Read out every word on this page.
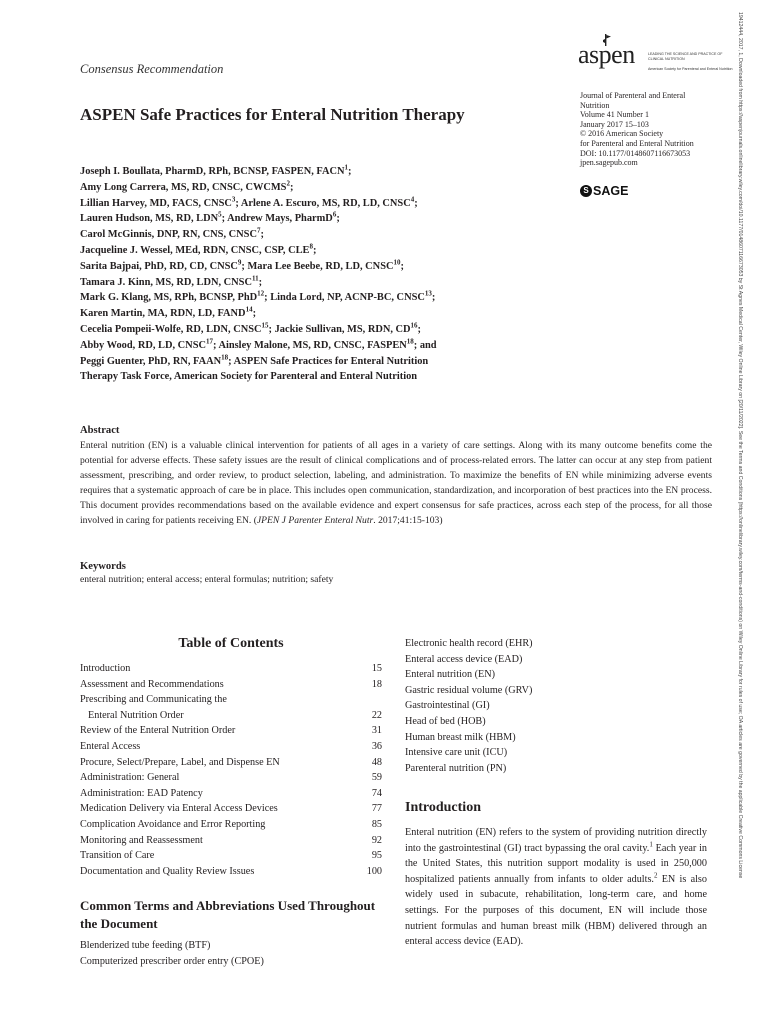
Consensus Recommendation	aspen	LEADING THE SCIENCE AND PRACTICE OF CLINICAL NUTRITION
American Society for Parenteral and Enteral Nutrition
ASPEN Safe Practices for Enteral Nutrition Therapy
Journal of Parenteral and Enteral
Nutrition
Volume 41 Number 1
January 2017 15–103
© 2016 American Society
for Parenteral and Enteral Nutrition
DOI: 10.1177/0148607116673053
jpen.sagepub.com
S SAGE
Joseph I. Boullata, PharmD, RPh, BCNSP, FASPEN, FACN$^1$;
Amy Long Carrera, MS, RD, CNSC, CWCMS$^2$;
Lillian Harvey, MD, FACS, CNSC$^3$; Arlene A. Escuro, MS, RD, LD, CNSC$^4$;
Lauren Hudson, MS, RD, LDN$^5$; Andrew Mays, PharmD$^6$;
Carol McGinnis, DNP, RN, CNS, CNSC$^7$;
Jacqueline J. Wessel, MEd, RDN, CNSC, CSP, CLE$^8$;
Sarita Bajpai, PhD, RD, CD, CNSC$^9$; Mara Lee Beebe, RD, LD, CNSC$^{10}$;
Tamara J. Kinn, MS, RD, LDN, CNSC$^{11}$;
Mark G. Klang, MS, RPh, BCNSP, PhD$^{12}$; Linda Lord, NP, ACNP-BC, CNSC$^{13}$;
Karen Martin, MA, RDN, LD, FAND$^{14}$;
Cecelia Pompeii-Wolfe, RD, LDN, CNSC$^{15}$; Jackie Sullivan, MS, RDN, CD$^{16}$;
Abby Wood, RD, LD, CNSC$^{17}$; Ainsley Malone, MS, RD, CNSC, FASPEN$^{18}$; and
Peggi Guenter, PhD, RN, FAAN$^{18}$; ASPEN Safe Practices for Enteral Nutrition
Therapy Task Force, American Society for Parenteral and Enteral Nutrition
Abstract
Enteral nutrition (EN) is a valuable clinical intervention for patients of all ages in a variety of care settings. Along with its many outcome benefits come the potential for adverse effects. These safety issues are the result of clinical complications and of process-related errors. The latter can occur at any step from patient assessment, prescribing, and order review, to product selection, labeling, and administration. To maximize the benefits of EN while minimizing adverse events requires that a systematic approach of care be in place. This includes open communication, standardization, and incorporation of best practices into the EN process. This document provides recommendations based on the available evidence and expert consensus for safe practices, across each step of the process, for all those involved in caring for patients receiving EN. (JPEN J Parenter Enteral Nutr. 2017;41:15-103)
Keywords
enteral nutrition; enteral access; enteral formulas; nutrition; safety
Table of Contents
Introduction	15
Assessment and Recommendations	18
Prescribing and Communicating the
Enteral Nutrition Order	22
Review of the Enteral Nutrition Order	31
Enteral Access	36
Procure, Select/Prepare, Label, and Dispense EN	48
Administration: General	59
Administration: EAD Patency	74
Medication Delivery via Enteral Access Devices	77
Complication Avoidance and Error Reporting	85
Monitoring and Reassessment	92
Transition of Care	95
Documentation and Quality Review Issues	100
Common Terms and Abbreviations Used Throughout the Document
Blenderized tube feeding (BTF)
Computerized prescriber order entry (CPOE)
Electronic health record (EHR)
Enteral access device (EAD)
Enteral nutrition (EN)
Gastric residual volume (GRV)
Gastrointestinal (GI)
Head of bed (HOB)
Human breast milk (HBM)
Intensive care unit (ICU)
Parenteral nutrition (PN)
Introduction
Enteral nutrition (EN) refers to the system of providing nutrition directly into the gastrointestinal (GI) tract bypassing the oral cavity.$^1$ Each year in the United States, this nutrition support modality is used in 250,000 hospitalized patients annually from infants to older adults.$^2$ EN is also widely used in subacute, rehabilitation, long-term care, and home settings. For the purposes of this document, EN will include those nutrient formulas and human breast milk (HBM) delivered through an enteral access device (EAD).
19412444, 2017, 1, Downloaded from https://aspenjournals.onlinelibrary.wiley.com/doi/10.1177/0148607116673053 by St Agnes Medical Center, Wiley Online Library on [20/11/2022]. See the Terms and Conditions (https://onlinelibrary.wiley.com/terms-and-conditions) on Wiley Online Library for rules of use; OA articles are governed by the applicable Creative Commons License
